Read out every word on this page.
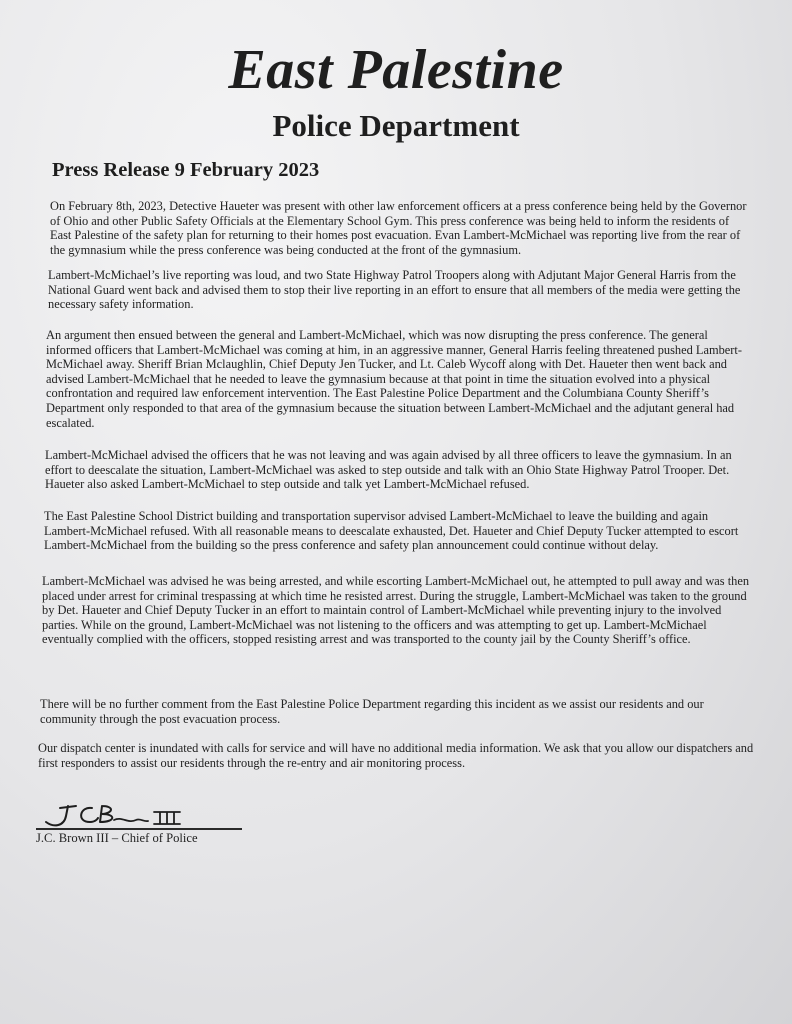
East Palestine
Police Department
Press Release 9 February 2023

On February 8th, 2023, Detective Haueter was present with other law enforcement officers at a press conference being held by the Governor of Ohio and other Public Safety Officials at the Elementary School Gym. This press conference was being held to inform the residents of East Palestine of the safety plan for returning to their homes post evacuation. Evan Lambert-McMichael was reporting live from the rear of the gymnasium while the press conference was being conducted at the front of the gymnasium.

Lambert-McMichael’s live reporting was loud, and two State Highway Patrol Troopers along with Adjutant Major General Harris from the National Guard went back and advised them to stop their live reporting in an effort to ensure that all members of the media were getting the necessary safety information.

An argument then ensued between the general and Lambert-McMichael, which was now disrupting the press conference. The general informed officers that Lambert-McMichael was coming at him, in an aggressive manner, General Harris feeling threatened pushed Lambert-McMichael away. Sheriff Brian Mclaughlin, Chief Deputy Jen Tucker, and Lt. Caleb Wycoff along with Det. Haueter then went back and advised Lambert-McMichael that he needed to leave the gymnasium because at that point in time the situation evolved into a physical confrontation and required law enforcement intervention. The East Palestine Police Department and the Columbiana County Sheriff’s Department only responded to that area of the gymnasium because the situation between Lambert-McMichael and the adjutant general had escalated.

Lambert-McMichael advised the officers that he was not leaving and was again advised by all three officers to leave the gymnasium. In an effort to deescalate the situation, Lambert-McMichael was asked to step outside and talk with an Ohio State Highway Patrol Trooper. Det. Haueter also asked Lambert-McMichael to step outside and talk yet Lambert-McMichael refused.

The East Palestine School District building and transportation supervisor advised Lambert-McMichael to leave the building and again Lambert-McMichael refused. With all reasonable means to deescalate exhausted, Det. Haueter and Chief Deputy Tucker attempted to escort Lambert-McMichael from the building so the press conference and safety plan announcement could continue without delay.

Lambert-McMichael was advised he was being arrested, and while escorting Lambert-McMichael out, he attempted to pull away and was then placed under arrest for criminal trespassing at which time he resisted arrest. During the struggle, Lambert-McMichael was taken to the ground by Det. Haueter and Chief Deputy Tucker in an effort to maintain control of Lambert-McMichael while preventing injury to the involved parties. While on the ground, Lambert-McMichael was not listening to the officers and was attempting to get up. Lambert-McMichael eventually complied with the officers, stopped resisting arrest and was transported to the county jail by the County Sheriff’s office.

There will be no further comment from the East Palestine Police Department regarding this incident as we assist our residents and our community through the post evacuation process.

Our dispatch center is inundated with calls for service and will have no additional media information. We ask that you allow our dispatchers and first responders to assist our residents through the re-entry and air monitoring process.

J.C. Brown III – Chief of Police
